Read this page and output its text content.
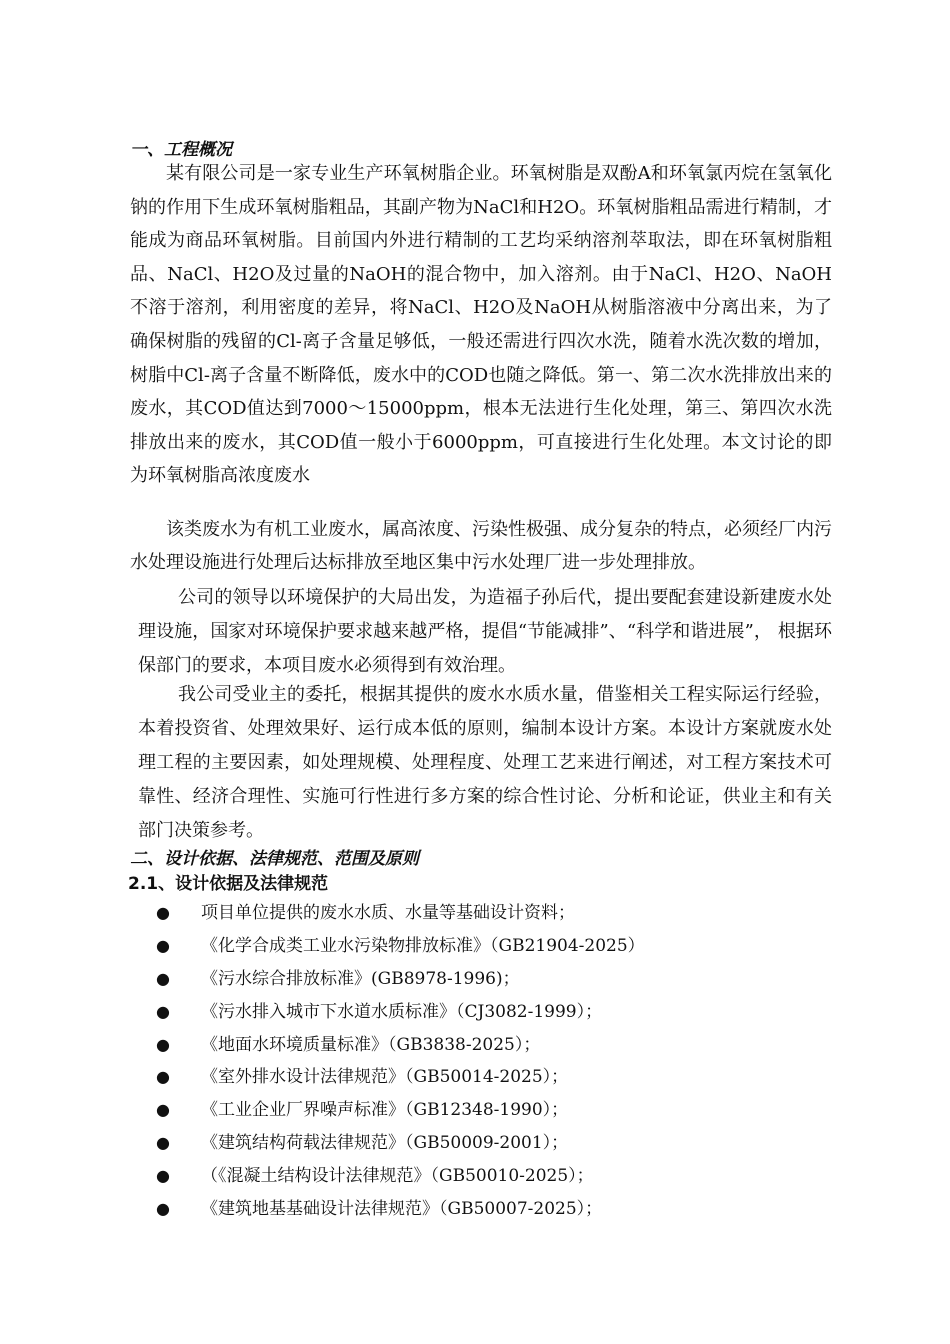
一、工程概况

某有限公司是一家专业生产环氧树脂企业。环氧树脂是双酚A和环氧氯丙烷在氢氧化钠的作用下生成环氧树脂粗品，其副产物为NaCl和H2O。环氧树脂粗品需进行精制，才能成为商品环氧树脂。目前国内外进行精制的工艺均采纳溶剂萃取法，即在环氧树脂粗品、NaCl、H2O及过量的NaOH的混合物中，加入溶剂。由于NaCl、H2O、NaOH不溶于溶剂，利用密度的差异，将NaCl、H2O及NaOH从树脂溶液中分离出来，为了确保树脂的残留的Cl-离子含量足够低，一般还需进行四次水洗，随着水洗次数的增加，树脂中Cl-离子含量不断降低，废水中的COD也随之降低。第一、第二次水洗排放出来的废水，其COD值达到7000～15000ppm，根本无法进行生化处理，第三、第四次水洗排放出来的废水，其COD值一般小于6000ppm，可直接进行生化处理。本文讨论的即为环氧树脂高浓度废水

该类废水为有机工业废水，属高浓度、污染性极强、成分复杂的特点，必须经厂内污水处理设施进行处理后达标排放至地区集中污水处理厂进一步处理排放。

公司的领导以环境保护的大局出发，为造福子孙后代，提出要配套建设新建废水处理设施，国家对环境保护要求越来越严格，提倡“节能减排”、“科学和谐进展”， 根据环保部门的要求，本项目废水必须得到有效治理。

我公司受业主的委托，根据其提供的废水水质水量，借鉴相关工程实际运行经验，本着投资省、处理效果好、运行成本低的原则，编制本设计方案。本设计方案就废水处理工程的主要因素，如处理规模、处理程度、处理工艺来进行阐述，对工程方案技术可靠性、经济合理性、实施可行性进行多方案的综合性讨论、分析和论证，供业主和有关部门决策参考。

二、设计依据、法律规范、范围及原则
2.1、设计依据及法律规范
● 项目单位提供的废水水质、水量等基础设计资料；
● 《化学合成类工业水污染物排放标准》（GB21904-2025）
● 《污水综合排放标准》(GB8978-1996)；
● 《污水排入城市下水道水质标准》（CJ3082-1999）；
● 《地面水环境质量标准》（GB3838-2025）；
● 《室外排水设计法律规范》（GB50014-2025）；
● 《工业企业厂界噪声标准》（GB12348-1990）；
● 《建筑结构荷载法律规范》（GB50009-2001）；
● （《混凝土结构设计法律规范》（GB50010-2025）；
● 《建筑地基基础设计法律规范》（GB50007-2025）；
